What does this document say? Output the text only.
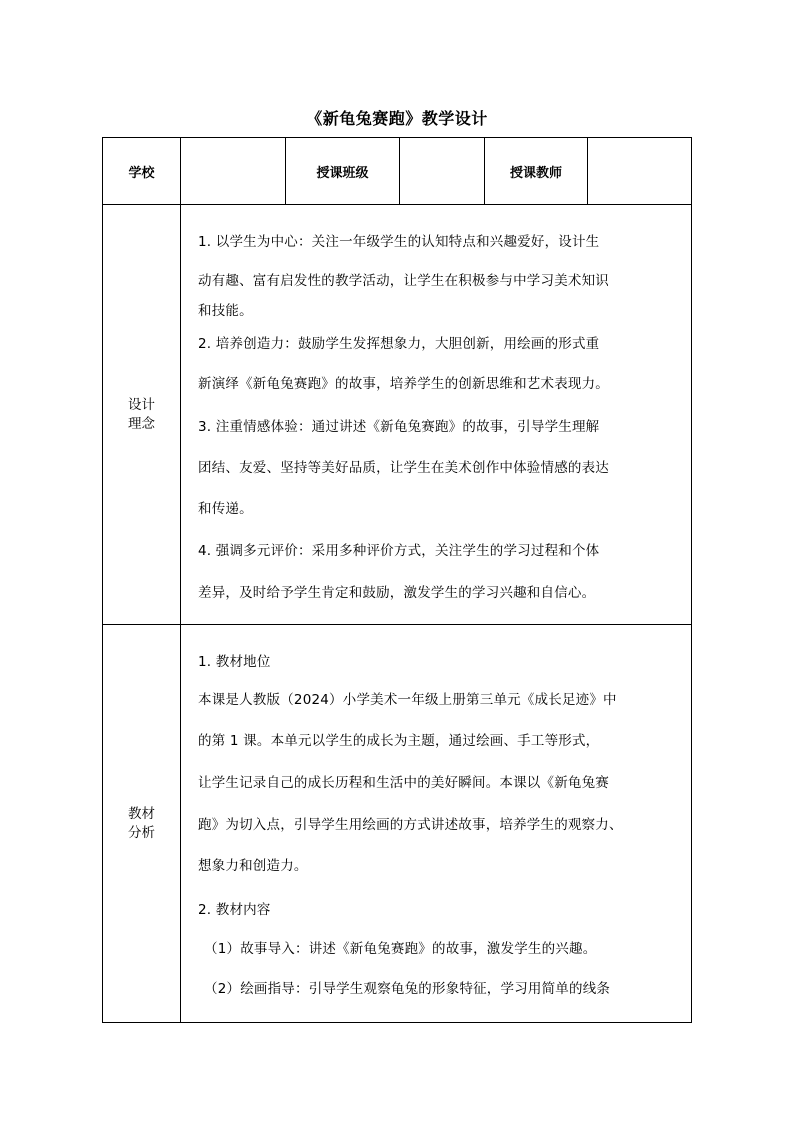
《新龟兔赛跑》教学设计
学校	授课班级	授课教师
设计
理念
1. 以学生为中心：关注一年级学生的认知特点和兴趣爱好，设计生
动有趣、富有启发性的教学活动，让学生在积极参与中学习美术知识
和技能。
2. 培养创造力：鼓励学生发挥想象力，大胆创新，用绘画的形式重
新演绎《新龟兔赛跑》的故事，培养学生的创新思维和艺术表现力。
3. 注重情感体验：通过讲述《新龟兔赛跑》的故事，引导学生理解
团结、友爱、坚持等美好品质，让学生在美术创作中体验情感的表达
和传递。
4. 强调多元评价：采用多种评价方式，关注学生的学习过程和个体
差异，及时给予学生肯定和鼓励，激发学生的学习兴趣和自信心。
教材
分析
1. 教材地位
本课是人教版（2024）小学美术一年级上册第三单元《成长足迹》中
的第 1 课。本单元以学生的成长为主题，通过绘画、手工等形式，
让学生记录自己的成长历程和生活中的美好瞬间。本课以《新龟兔赛
跑》为切入点，引导学生用绘画的方式讲述故事，培养学生的观察力、
想象力和创造力。
2. 教材内容
（1）故事导入：讲述《新龟兔赛跑》的故事，激发学生的兴趣。
（2）绘画指导：引导学生观察龟兔的形象特征，学习用简单的线条
